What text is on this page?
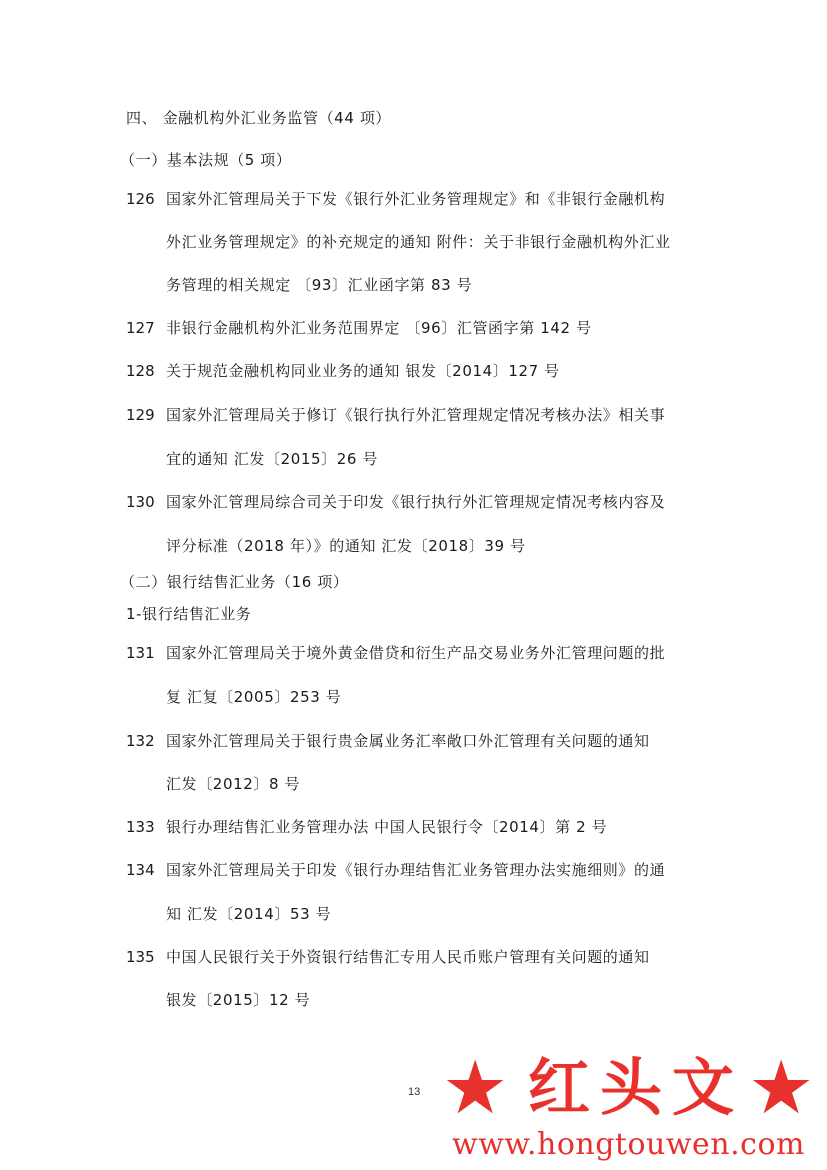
四、 金融机构外汇业务监管（44 项）
（一）基本法规（5 项）
126 国家外汇管理局关于下发《银行外汇业务管理规定》和《非银行金融机构
外汇业务管理规定》的补充规定的通知 附件：关于非银行金融机构外汇业
务管理的相关规定 〔93〕汇业函字第 83 号
127 非银行金融机构外汇业务范围界定 〔96〕汇管函字第 142 号
128 关于规范金融机构同业业务的通知 银发〔2014〕127 号
129 国家外汇管理局关于修订《银行执行外汇管理规定情况考核办法》相关事
宜的通知 汇发〔2015〕26 号
130 国家外汇管理局综合司关于印发《银行执行外汇管理规定情况考核内容及
评分标准（2018 年）》的通知 汇发〔2018〕39 号
（二）银行结售汇业务（16 项）
1-银行结售汇业务
131 国家外汇管理局关于境外黄金借贷和衍生产品交易业务外汇管理问题的批
复 汇复〔2005〕253 号
132 国家外汇管理局关于银行贵金属业务汇率敞口外汇管理有关问题的通知
汇发〔2012〕8 号
133 银行办理结售汇业务管理办法 中国人民银行令〔2014〕第 2 号
134 国家外汇管理局关于印发《银行办理结售汇业务管理办法实施细则》的通
知 汇发〔2014〕53 号
135 中国人民银行关于外资银行结售汇专用人民币账户管理有关问题的通知
银发〔2015〕12 号
13 ★ 红头文 ★
www.hongtouwen.com
